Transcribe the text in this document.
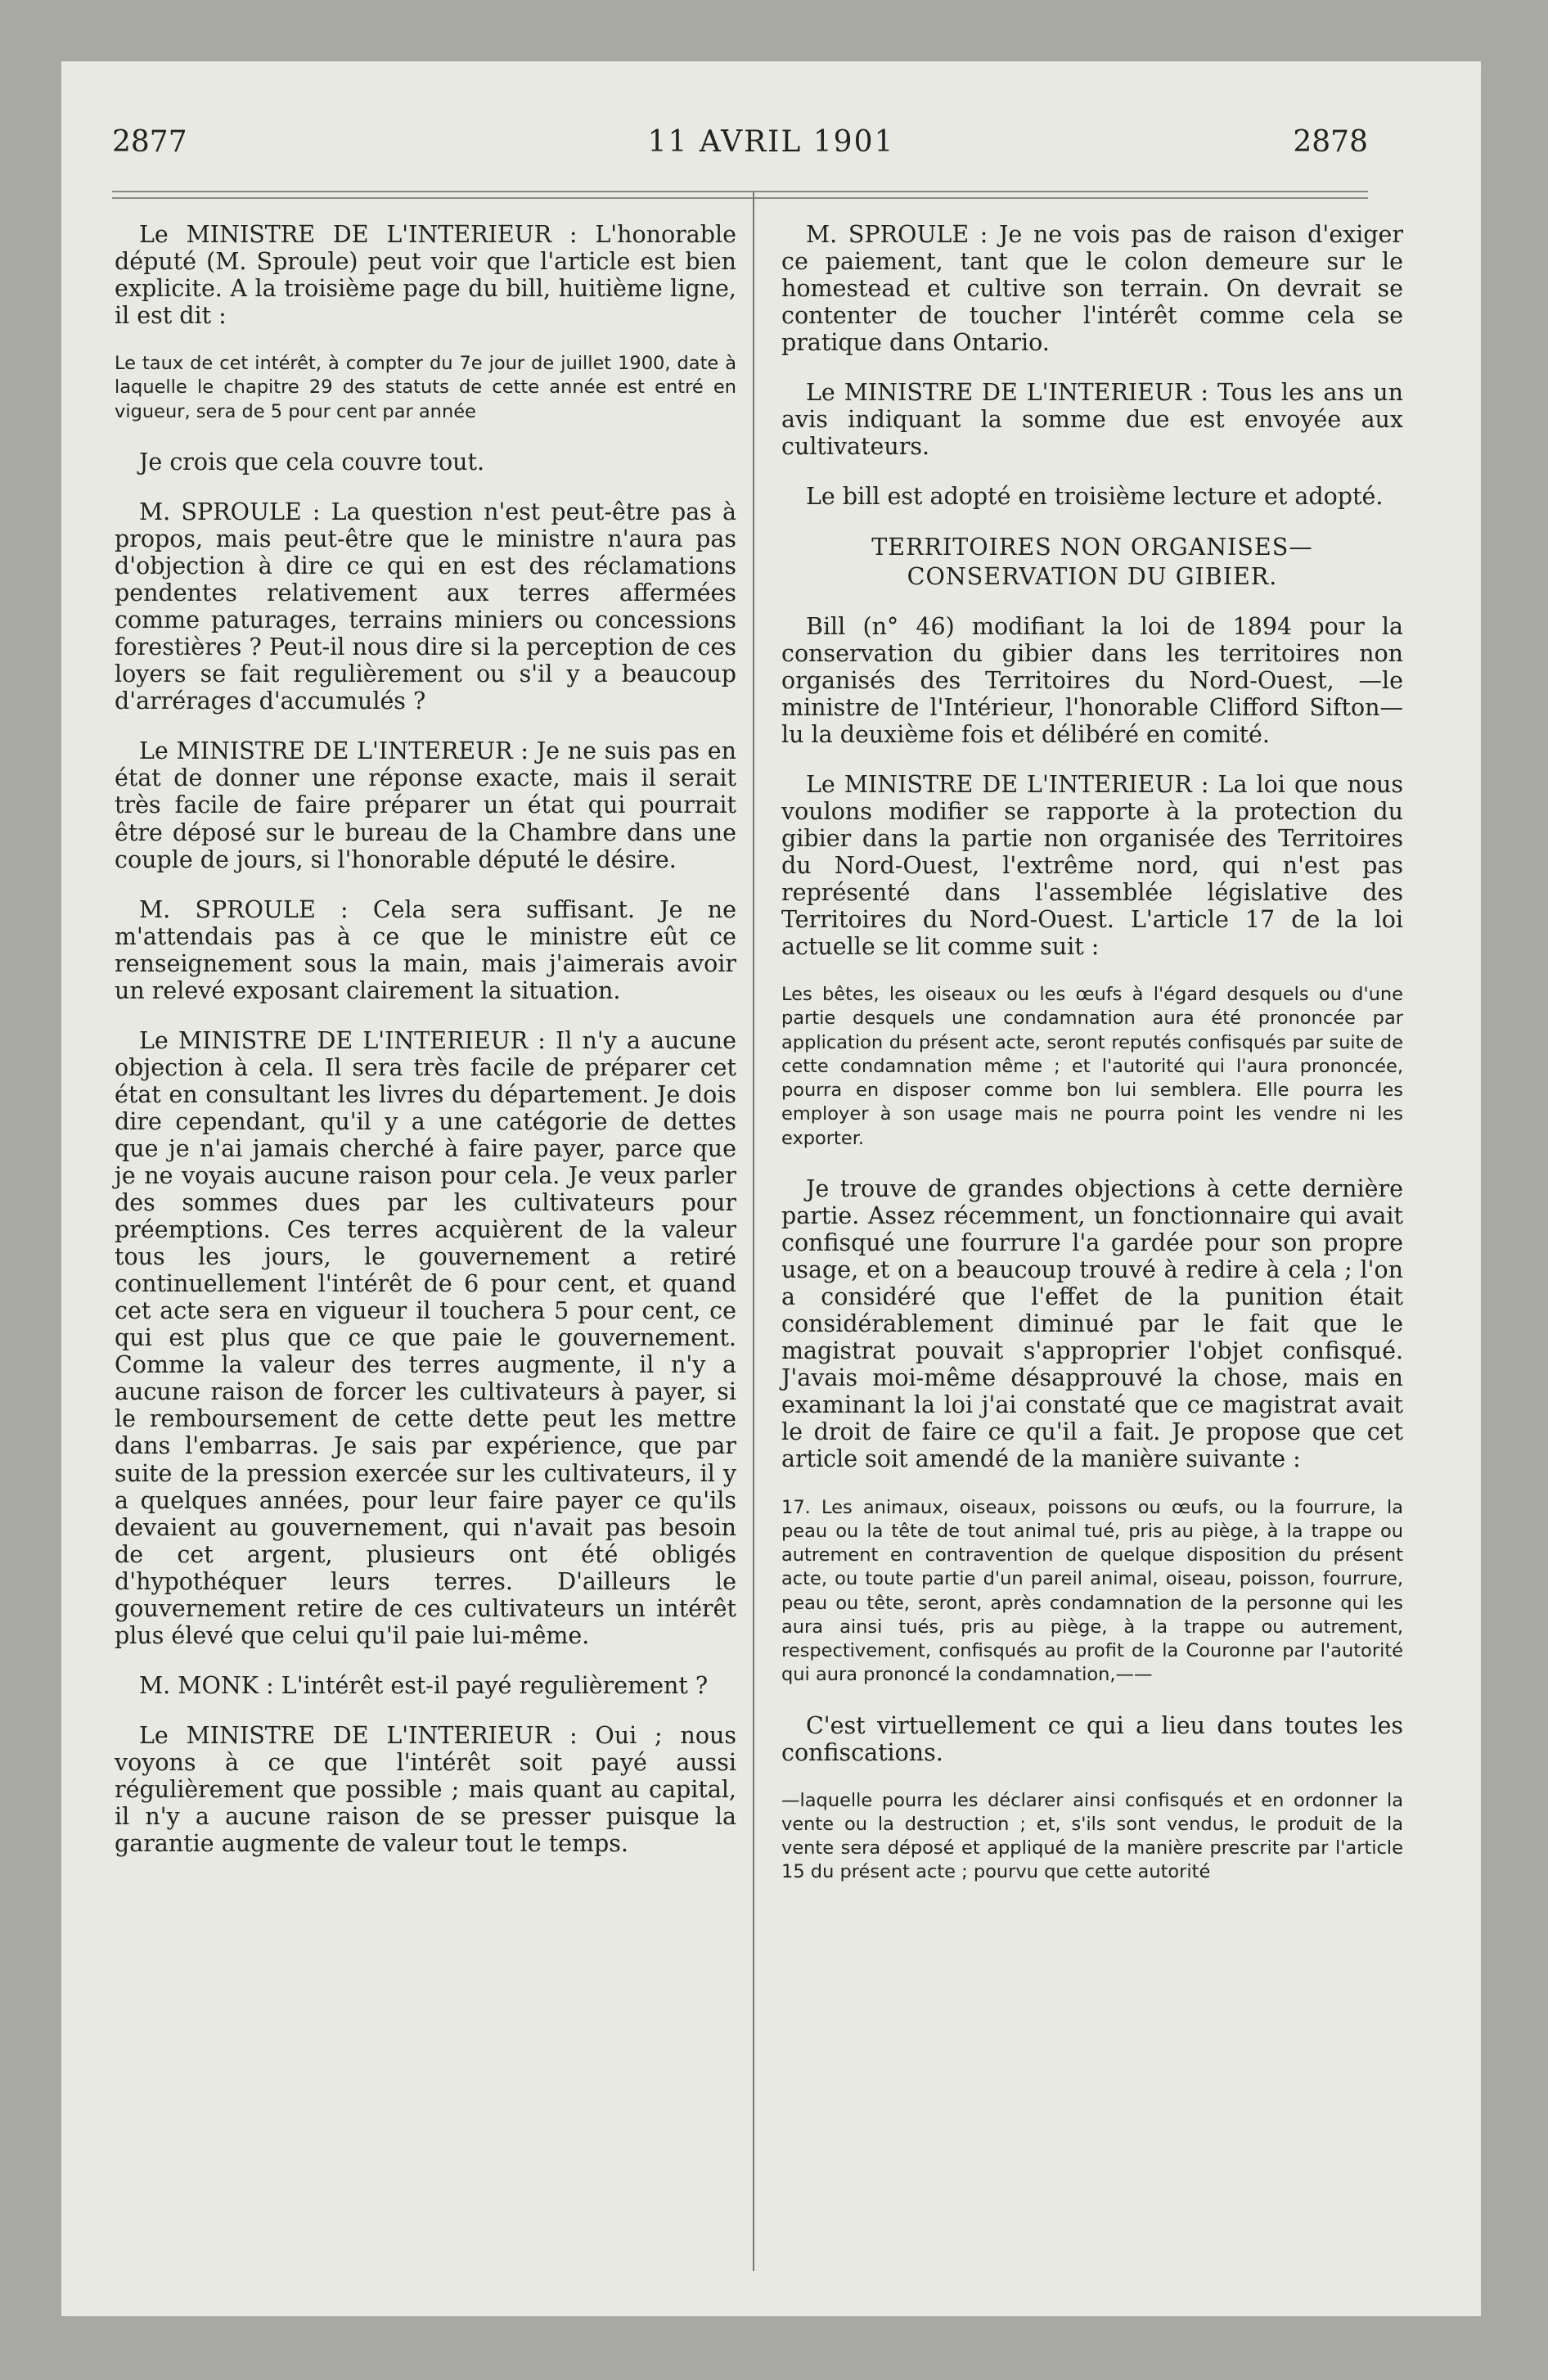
2877	11 AVRIL 1901	2878

Le MINISTRE DE L'INTERIEUR : L'honorable député (M. Sproule) peut voir que l'article est bien explicite. A la troisième page du bill, huitième ligne, il est dit :

Le taux de cet intérêt, à compter du 7e jour de juillet 1900, date à laquelle le chapitre 29 des statuts de cette année est entré en vigueur, sera de 5 pour cent par année

Je crois que cela couvre tout.

M. SPROULE : La question n'est peut-être pas à propos, mais peut-être que le ministre n'aura pas d'objection à dire ce qui en est des réclamations pendentes relativement aux terres affermées comme paturages, terrains miniers ou concessions forestières ? Peut-il nous dire si la perception de ces loyers se fait regulièrement ou s'il y a beaucoup d'arrérages d'accumulés ?

Le MINISTRE DE L'INTEREUR : Je ne suis pas en état de donner une réponse exacte, mais il serait très facile de faire préparer un état qui pourrait être déposé sur le bureau de la Chambre dans une couple de jours, si l'honorable député le désire.

M. SPROULE : Cela sera suffisant. Je ne m'attendais pas à ce que le ministre eût ce renseignement sous la main, mais j'aimerais avoir un relevé exposant clairement la situation.

Le MINISTRE DE L'INTERIEUR : Il n'y a aucune objection à cela. Il sera très facile de préparer cet état en consultant les livres du département. Je dois dire cependant, qu'il y a une catégorie de dettes que je n'ai jamais cherché à faire payer, parce que je ne voyais aucune raison pour cela. Je veux parler des sommes dues par les cultivateurs pour préemptions. Ces terres acquièrent de la valeur tous les jours, le gouvernement a retiré continuellement l'intérêt de 6 pour cent, et quand cet acte sera en vigueur il touchera 5 pour cent, ce qui est plus que ce que paie le gouvernement. Comme la valeur des terres augmente, il n'y a aucune raison de forcer les cultivateurs à payer, si le remboursement de cette dette peut les mettre dans l'embarras. Je sais par expérience, que par suite de la pression exercée sur les cultivateurs, il y a quelques années, pour leur faire payer ce qu'ils devaient au gouvernement, qui n'avait pas besoin de cet argent, plusieurs ont été obligés d'hypothéquer leurs terres. D'ailleurs le gouvernement retire de ces cultivateurs un intérêt plus élevé que celui qu'il paie lui-même.

M. MONK : L'intérêt est-il payé regulièrement ?

Le MINISTRE DE L'INTERIEUR : Oui ; nous voyons à ce que l'intérêt soit payé aussi régulièrement que possible ; mais quant au capital, il n'y a aucune raison de se presser puisque la garantie augmente de valeur tout le temps.

M. SPROULE : Je ne vois pas de raison d'exiger ce paiement, tant que le colon demeure sur le homestead et cultive son terrain. On devrait se contenter de toucher l'intérêt comme cela se pratique dans Ontario.

Le MINISTRE DE L'INTERIEUR : Tous les ans un avis indiquant la somme due est envoyée aux cultivateurs.

Le bill est adopté en troisième lecture et adopté.

TERRITOIRES NON ORGANISES—CONSERVATION DU GIBIER.

Bill (n° 46) modifiant la loi de 1894 pour la conservation du gibier dans les territoires non organisés des Territoires du Nord-Ouest, —le ministre de l'Intérieur, l'honorable Clifford Sifton—lu la deuxième fois et délibéré en comité.

Le MINISTRE DE L'INTERIEUR : La loi que nous voulons modifier se rapporte à la protection du gibier dans la partie non organisée des Territoires du Nord-Ouest, l'extrême nord, qui n'est pas représenté dans l'assemblée législative des Territoires du Nord-Ouest. L'article 17 de la loi actuelle se lit comme suit :

Les bêtes, les oiseaux ou les œufs à l'égard desquels ou d'une partie desquels une condamnation aura été prononcée par application du présent acte, seront reputés confisqués par suite de cette condamnation même ; et l'autorité qui l'aura prononcée, pourra en disposer comme bon lui semblera. Elle pourra les employer à son usage mais ne pourra point les vendre ni les exporter.

Je trouve de grandes objections à cette dernière partie. Assez récemment, un fonctionnaire qui avait confisqué une fourrure l'a gardée pour son propre usage, et on a beaucoup trouvé à redire à cela ; l'on a considéré que l'effet de la punition était considérablement diminué par le fait que le magistrat pouvait s'approprier l'objet confisqué. J'avais moi-même désapprouvé la chose, mais en examinant la loi j'ai constaté que ce magistrat avait le droit de faire ce qu'il a fait. Je propose que cet article soit amendé de la manière suivante :

17. Les animaux, oiseaux, poissons ou œufs, ou la fourrure, la peau ou la tête de tout animal tué, pris au piège, à la trappe ou autrement en contravention de quelque disposition du présent acte, ou toute partie d'un pareil animal, oiseau, poisson, fourrure, peau ou tête, seront, après condamnation de la personne qui les aura ainsi tués, pris au piège, à la trappe ou autrement, respectivement, confisqués au profit de la Couronne par l'autorité qui aura prononcé la condamnation,——

C'est virtuellement ce qui a lieu dans toutes les confiscations.

—laquelle pourra les déclarer ainsi confisqués et en ordonner la vente ou la destruction ; et, s'ils sont vendus, le produit de la vente sera déposé et appliqué de la manière prescrite par l'article 15 du présent acte ; pourvu que cette autorité
